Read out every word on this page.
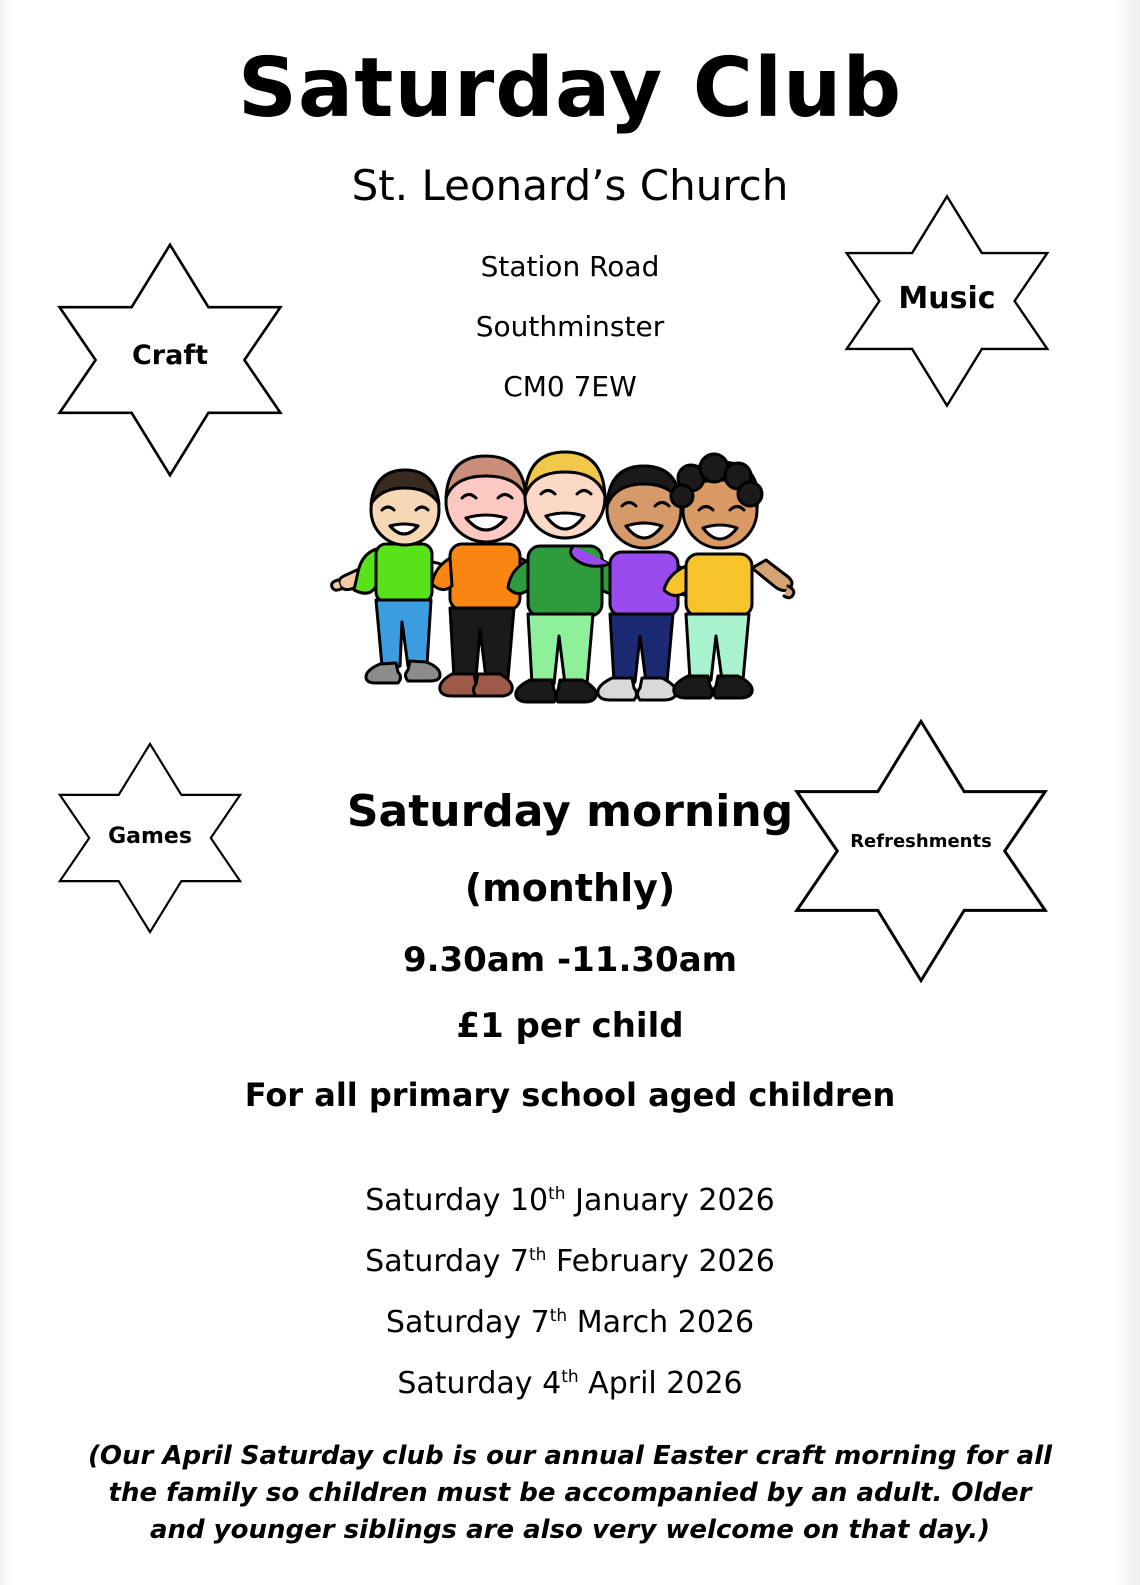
Saturday Club
St. Leonard’s Church
Station Road
Southminster
CM0 7EW
Craft
Music
Games	Refreshments
Saturday morning
(monthly)
9.30am -11.30am
£1 per child
For all primary school aged children
Saturday 10th January 2026
Saturday 7th February 2026
Saturday 7th March 2026
Saturday 4th April 2026
(Our April Saturday club is our annual Easter craft morning for all the family so children must be accompanied by an adult. Older and younger siblings are also very welcome on that day.)
